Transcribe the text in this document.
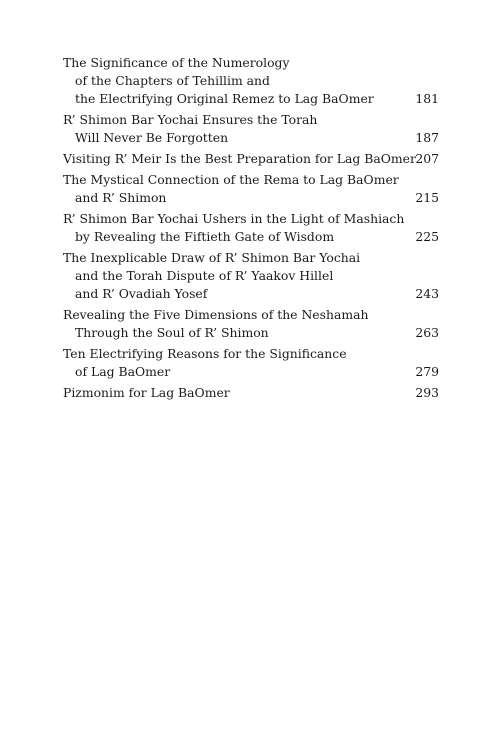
The Significance of the Numerology
of the Chapters of Tehillim and
the Electrifying Original Remez to Lag BaOmer	181
R’ Shimon Bar Yochai Ensures the Torah
Will Never Be Forgotten	187
Visiting R’ Meir Is the Best Preparation for Lag BaOmer 207
The Mystical Connection of the Rema to Lag BaOmer
and R’ Shimon	215
R’ Shimon Bar Yochai Ushers in the Light of Mashiach
by Revealing the Fiftieth Gate of Wisdom	225
The Inexplicable Draw of R’ Shimon Bar Yochai
and the Torah Dispute of R’ Yaakov Hillel
and R’ Ovadiah Yosef	243
Revealing the Five Dimensions of the Neshamah
Through the Soul of R’ Shimon	263
Ten Electrifying Reasons for the Significance
of Lag BaOmer	279
Pizmonim for Lag BaOmer	293
